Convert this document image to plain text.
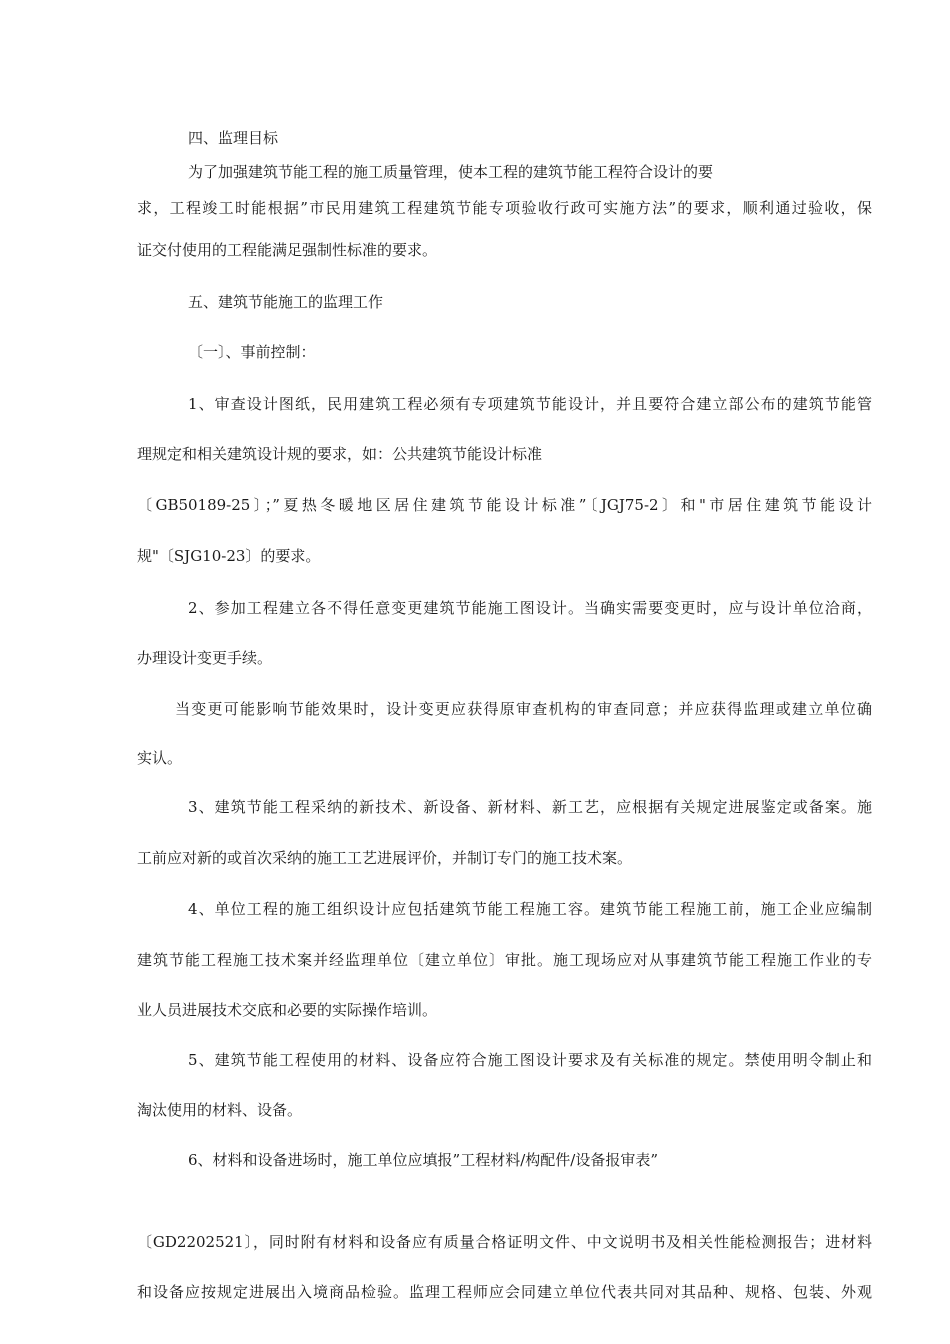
四、监理目标

为了加强建筑节能工程的施工质量管理，使本工程的建筑节能工程符合设计的要

求，工程竣工时能根据”市民用建筑工程建筑节能专项验收行政可实施方法”的要求，顺利通过验收，保

证交付使用的工程能满足强制性标准的要求。

五、建筑节能施工的监理工作

〔一〕、事前控制：

1、审查设计图纸，民用建筑工程必须有专项建筑节能设计，并且要符合建立部公布的建筑节能管

理规定和相关建筑设计规的要求，如：公共建筑节能设计标准

〔GB50189-25〕；”夏热冬暖地区居住建筑节能设计标准”〔JGJ75-2〕和"市居住建筑节能设计

规"〔SJG10-23〕的要求。

2、参加工程建立各不得任意变更建筑节能施工图设计。当确实需要变更时，应与设计单位洽商，

办理设计变更手续。

当变更可能影响节能效果时，设计变更应获得原审查机构的审查同意；并应获得监理或建立单位确

实认。

3、建筑节能工程采纳的新技术、新设备、新材料、新工艺，应根据有关规定进展鉴定或备案。施

工前应对新的或首次采纳的施工工艺进展评价，并制订专门的施工技术案。

4、单位工程的施工组织设计应包括建筑节能工程施工容。建筑节能工程施工前，施工企业应编制

建筑节能工程施工技术案并经监理单位〔建立单位〕审批。施工现场应对从事建筑节能工程施工作业的专

业人员进展技术交底和必要的实际操作培训。

5、建筑节能工程使用的材料、设备应符合施工图设计要求及有关标准的规定。禁使用明令制止和

淘汰使用的材料、设备。

6、材料和设备进场时，施工单位应填报”工程材料/构配件/设备报审表”

〔GD2202521〕，同时附有材料和设备应有质量合格证明文件、中文说明书及相关性能检测报告；进材料

和设备应按规定进展出入境商品检验。监理工程师应会同建立单位代表共同对其品种、规格、包装、外观
